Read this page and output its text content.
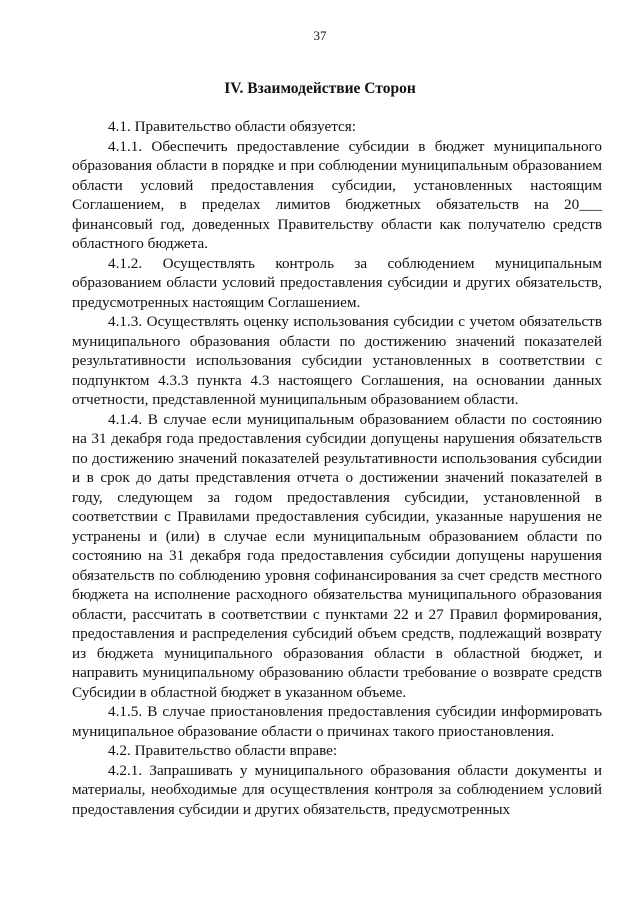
37
IV. Взаимодействие Сторон

4.1. Правительство области обязуется:

4.1.1. Обеспечить предоставление субсидии в бюджет муниципального образования области в порядке и при соблюдении муниципальным образованием области условий предоставления субсидии, установленных настоящим Соглашением, в пределах лимитов бюджетных обязательств на 20___ финансовый год, доведенных Правительству области как получателю средств областного бюджета.

4.1.2. Осуществлять контроль за соблюдением муниципальным образованием области условий предоставления субсидии и других обязательств, предусмотренных настоящим Соглашением.

4.1.3. Осуществлять оценку использования субсидии с учетом обязательств муниципального образования области по достижению значений показателей результативности использования субсидии установленных в соответствии с подпунктом 4.3.3 пункта 4.3 настоящего Соглашения, на основании данных отчетности, представленной муниципальным образованием области.

4.1.4. В случае если муниципальным образованием области по состоянию на 31 декабря года предоставления субсидии допущены нарушения обязательств по достижению значений показателей результативности использования субсидии и в срок до даты представления отчета о достижении значений показателей в году, следующем за годом предоставления субсидии, установленной в соответствии с Правилами предоставления субсидии, указанные нарушения не устранены и (или) в случае если муниципальным образованием области по состоянию на 31 декабря года предоставления субсидии допущены нарушения обязательств по соблюдению уровня софинансирования за счет средств местного бюджета на исполнение расходного обязательства муниципального образования области, рассчитать в соответствии с пунктами 22 и 27 Правил формирования, предоставления и распределения субсидий объем средств, подлежащий возврату из бюджета муниципального образования области в областной бюджет, и направить муниципальному образованию области требование о возврате средств Субсидии в областной бюджет в указанном объеме.

4.1.5. В случае приостановления предоставления субсидии информировать муниципальное образование области о причинах такого приостановления.

4.2. Правительство области вправе:

4.2.1. Запрашивать у муниципального образования области документы и материалы, необходимые для осуществления контроля за соблюдением условий предоставления субсидии и других обязательств, предусмотренных
